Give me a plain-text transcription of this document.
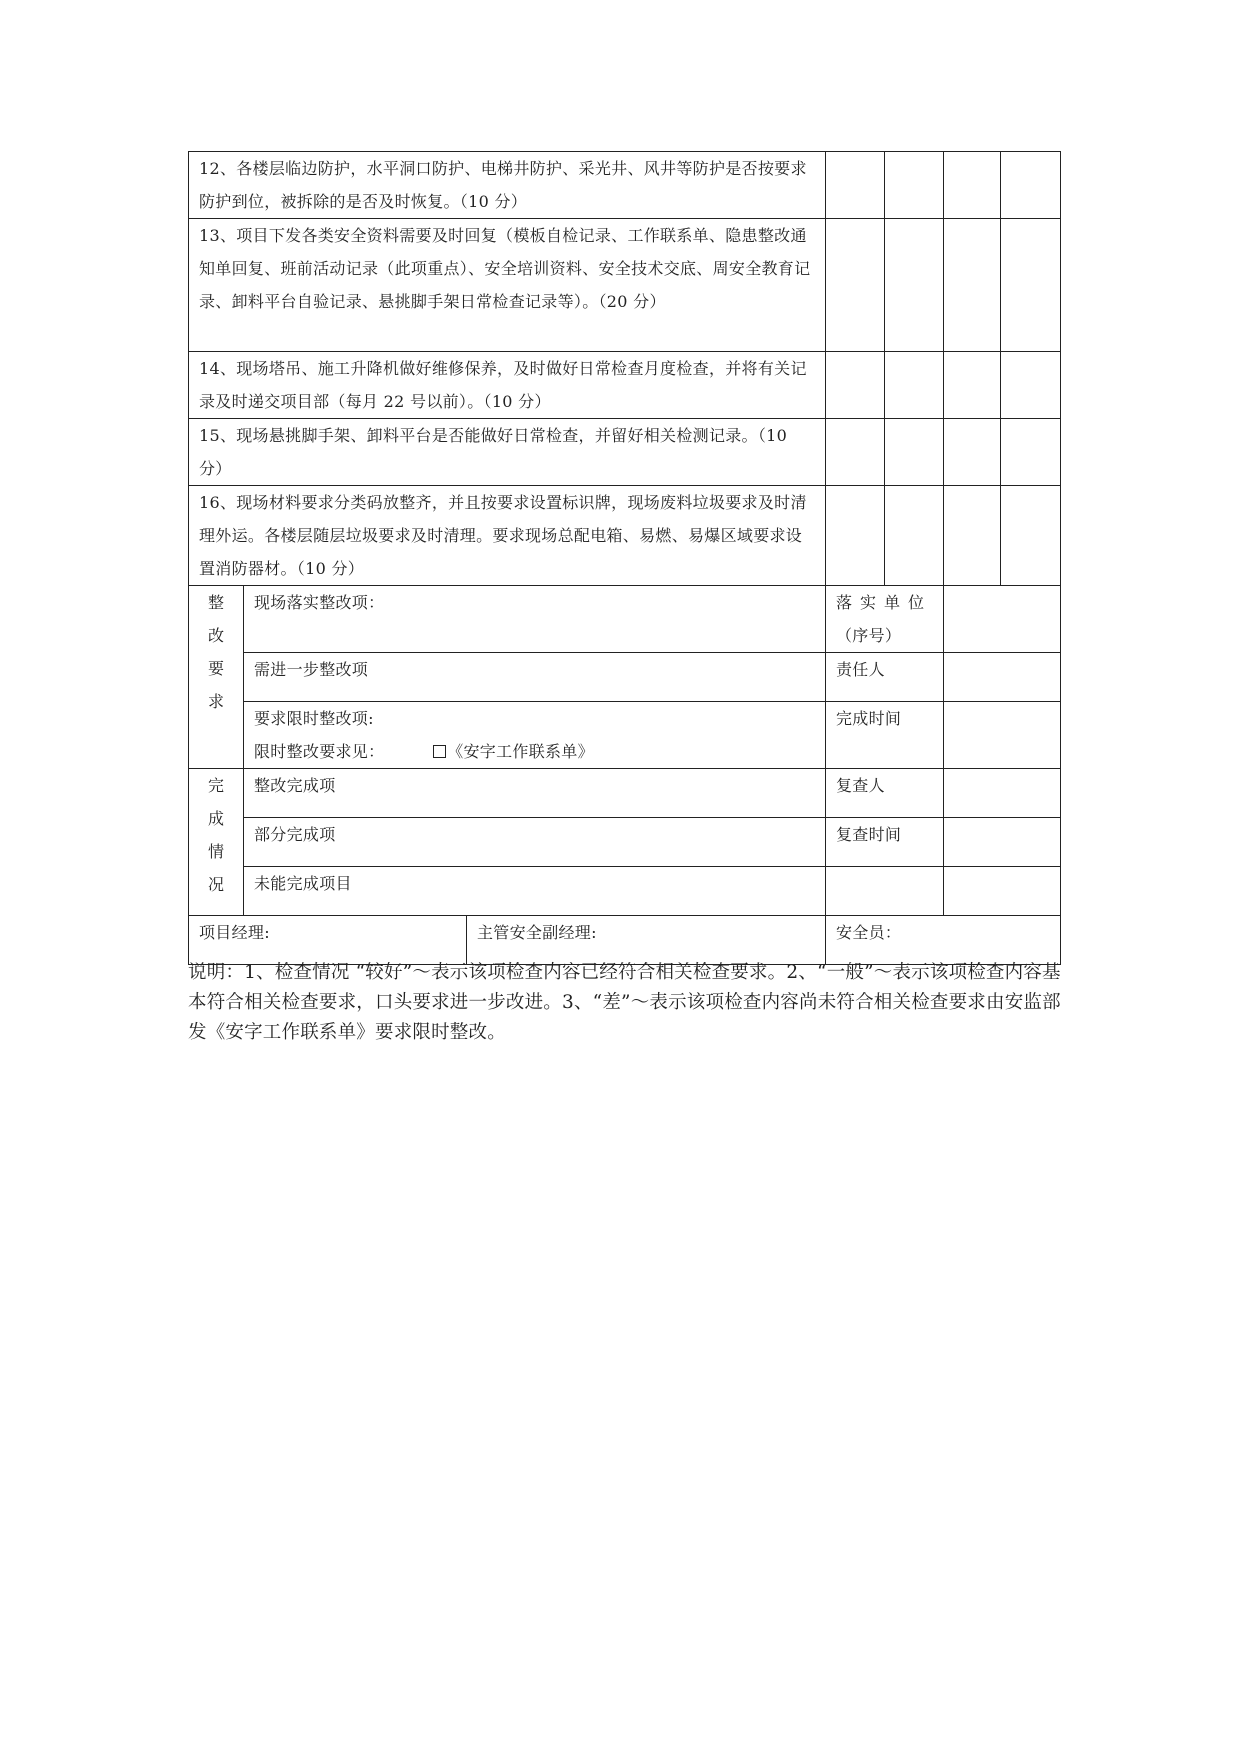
12、各楼层临边防护，水平洞口防护、电梯井防护、采光井、风井等防护是否按要求防护到位，被拆除的是否及时恢复。（10 分）						

13、项目下发各类安全资料需要及时回复（模板自检记录、工作联系单、隐患整改通知单回复、班前活动记录（此项重点）、安全培训资料、安全技术交底、周安全教育记录、卸料平台自验记录、悬挑脚手架日常检查记录等）。（20 分）						

14、现场塔吊、施工升降机做好维修保养，及时做好日常检查月度检查，并将有关记录及时递交项目部（每月 22 号以前）。（10 分）						

15、现场悬挑脚手架、卸料平台是否能做好日常检查，并留好相关检测记录。（10 分）						

16、现场材料要求分类码放整齐，并且按要求设置标识牌，现场废料垃圾要求及时清理外运。各楼层随层垃圾要求及时清理。要求现场总配电箱、易燃、易爆区域要求设置消防器材。（10 分）						

整
改
要
求	现场落实整改项：		落实单位
（序号）			

	需进一步整改项		责任人			

	要求限时整改项:
限时整改要求见： 《安字工作联系单》		完成时间			

完
成
情
况	整改完成项		复查人			

	部分完成项		复查时间			

	未能完成项目					

项目经理:		主管安全副经理:	安全员：			
说明：1、检查情况 “较好”～表示该项检查内容已经符合相关检查要求。2、“一般”～表示该项检查内容基本符合相关检查要求，口头要求进一步改进。3、“差”～表示该项检查内容尚未符合相关检查要求由安监部发《安字工作联系单》要求限时整改。
